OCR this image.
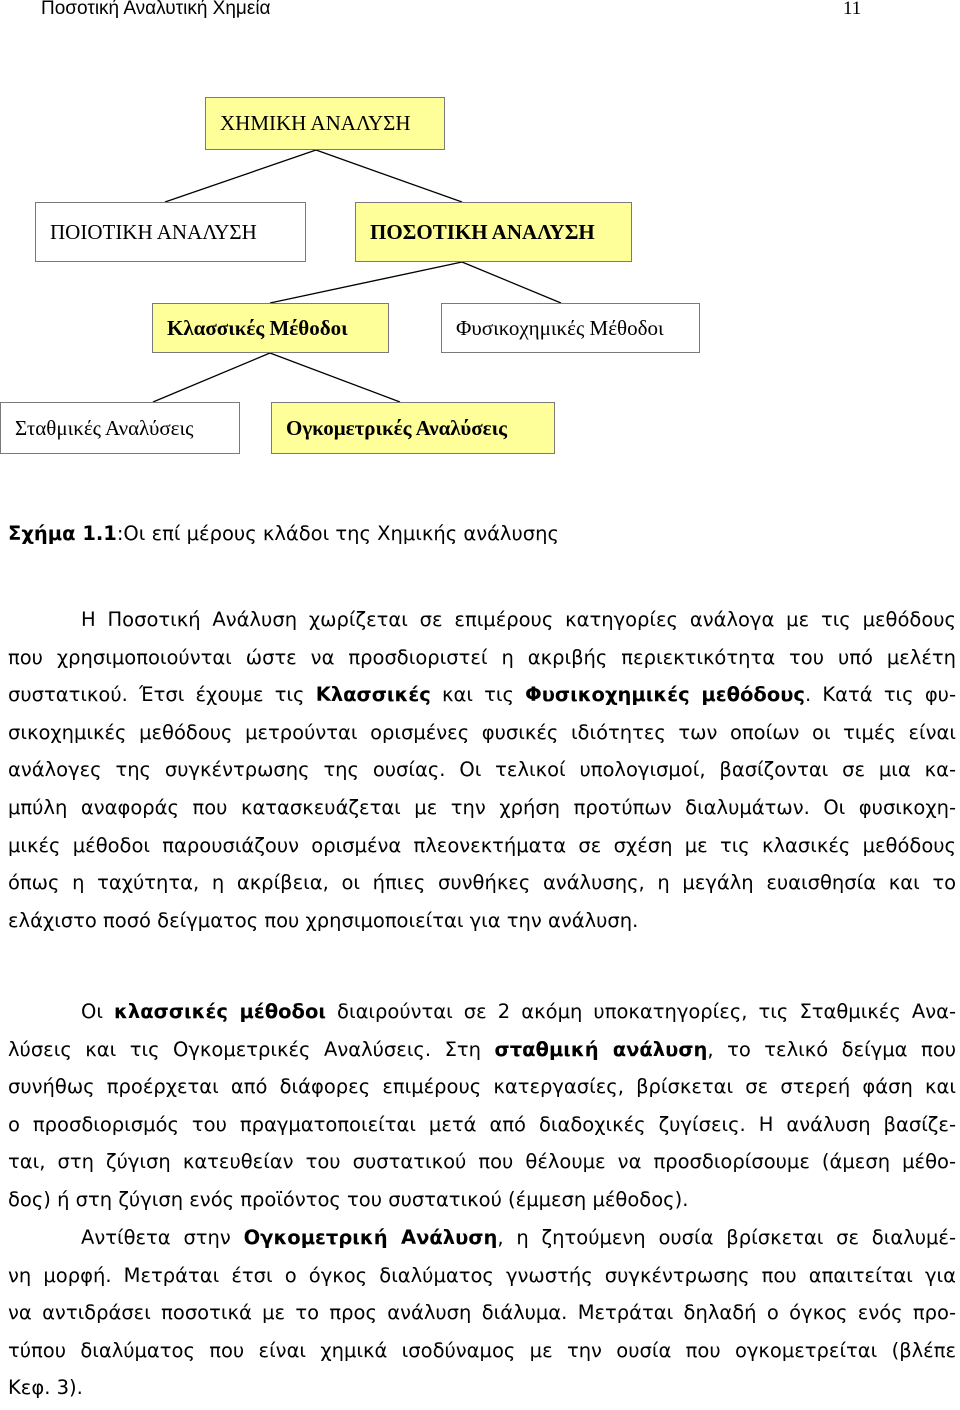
Ποσοτική Αναλυτική Χημεία	11
ΧΗΜΙΚΗ ΑΝΑΛΥΣΗ
ΠΟΙΟΤΙΚΗ ΑΝΑΛΥΣΗ	ΠΟΣΟΤΙΚΗ ΑΝΑΛΥΣΗ
Κλασσικές Μέθοδοι	Φυσικοχημικές Μέθοδοι
Σταθμικές Αναλύσεις	Ογκομετρικές Αναλύσεις
Σχήμα 1.1:Οι επί μέρους κλάδοι της Χημικής ανάλυσης
Η Ποσοτική Ανάλυση χωρίζεται σε επιμέρους κατηγορίες ανάλογα με τις μεθόδους
που χρησιμοποιούνται ώστε να προσδιοριστεί η ακριβής περιεκτικότητα του υπό μελέτη
συστατικού. Έτσι έχουμε τις Κλασσικές και τις Φυσικοχημικές μεθόδους. Κατά τις φυ-
σικοχημικές μεθόδους μετρούνται ορισμένες φυσικές ιδιότητες των οποίων οι τιμές είναι
ανάλογες της συγκέντρωσης της ουσίας. Οι τελικοί υπολογισμοί, βασίζονται σε μια κα-
μπύλη αναφοράς που κατασκευάζεται με την χρήση προτύπων διαλυμάτων. Οι φυσικοχη-
μικές μέθοδοι παρουσιάζουν ορισμένα πλεονεκτήματα σε σχέση με τις κλασικές μεθόδους
όπως η ταχύτητα, η ακρίβεια, οι ήπιες συνθήκες ανάλυσης, η μεγάλη ευαισθησία και το
ελάχιστο ποσό δείγματος που χρησιμοποιείται για την ανάλυση.
Οι κλασσικές μέθοδοι διαιρούνται σε 2 ακόμη υποκατηγορίες, τις Σταθμικές Ανα-
λύσεις και τις Ογκομετρικές Αναλύσεις. Στη σταθμική ανάλυση, το τελικό δείγμα που
συνήθως προέρχεται από διάφορες επιμέρους κατεργασίες, βρίσκεται σε στερεή φάση και
ο προσδιορισμός του πραγματοποιείται μετά από διαδοχικές ζυγίσεις. Η ανάλυση βασίζε-
ται, στη ζύγιση κατευθείαν του συστατικού που θέλουμε να προσδιορίσουμε (άμεση μέθο-
δος) ή στη ζύγιση ενός προϊόντος του συστατικού (έμμεση μέθοδος).
Αντίθετα στην Ογκομετρική Ανάλυση, η ζητούμενη ουσία βρίσκεται σε διαλυμέ-
νη μορφή. Μετράται έτσι ο όγκος διαλύματος γνωστής συγκέντρωσης που απαιτείται για
να αντιδράσει ποσοτικά με το προς ανάλυση διάλυμα. Μετράται δηλαδή ο όγκος ενός προ-
τύπου διαλύματος που είναι χημικά ισοδύναμος με την ουσία που ογκομετρείται (βλέπε
Κεφ. 3).
